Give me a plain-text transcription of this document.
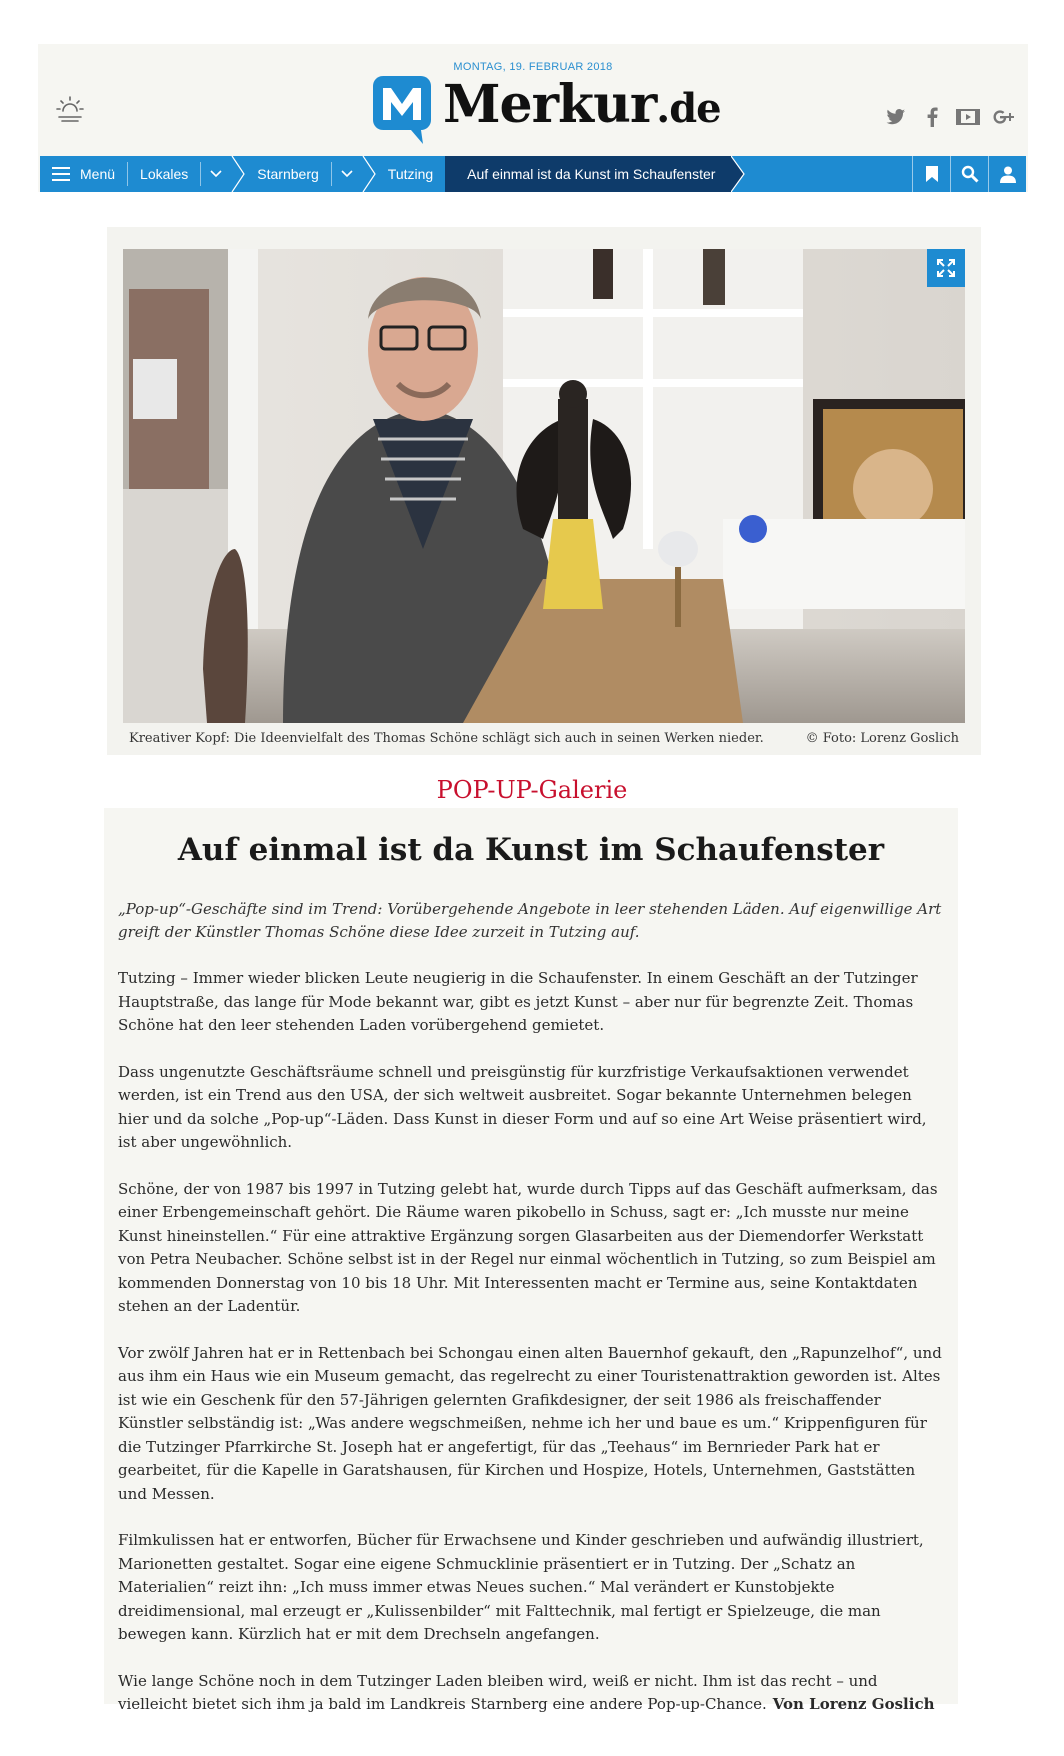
MONTAG, 19. FEBRUAR 2018
Merkur.de
Menü	Lokales	Starnberg	Tutzing	Auf einmal ist da Kunst im Schaufenster
Kreativer Kopf: Die Ideenvielfalt des Thomas Schöne schlägt sich auch in seinen Werken nieder.	© Foto: Lorenz Goslich
POP-UP-Galerie
Auf einmal ist da Kunst im Schaufenster

„Pop-up“-Geschäfte sind im Trend: Vorübergehende Angebote in leer stehenden Läden. Auf eigenwillige Art greift der Künstler Thomas Schöne diese Idee zurzeit in Tutzing auf.

Tutzing – Immer wieder blicken Leute neugierig in die Schaufenster. In einem Geschäft an der Tutzinger Hauptstraße, das lange für Mode bekannt war, gibt es jetzt Kunst – aber nur für begrenzte Zeit. Thomas Schöne hat den leer stehenden Laden vorübergehend gemietet.

Dass ungenutzte Geschäftsräume schnell und preisgünstig für kurzfristige Verkaufsaktionen verwendet werden, ist ein Trend aus den USA, der sich weltweit ausbreitet. Sogar bekannte Unternehmen belegen hier und da solche „Pop-up“-Läden. Dass Kunst in dieser Form und auf so eine Art Weise präsentiert wird, ist aber ungewöhnlich.

Schöne, der von 1987 bis 1997 in Tutzing gelebt hat, wurde durch Tipps auf das Geschäft aufmerksam, das einer Erbengemeinschaft gehört. Die Räume waren pikobello in Schuss, sagt er: „Ich musste nur meine Kunst hineinstellen.“ Für eine attraktive Ergänzung sorgen Glasarbeiten aus der Diemendorfer Werkstatt von Petra Neubacher. Schöne selbst ist in der Regel nur einmal wöchentlich in Tutzing, so zum Beispiel am kommenden Donnerstag von 10 bis 18 Uhr. Mit Interessenten macht er Termine aus, seine Kontaktdaten stehen an der Ladentür.

Vor zwölf Jahren hat er in Rettenbach bei Schongau einen alten Bauernhof gekauft, den „Rapunzelhof“, und aus ihm ein Haus wie ein Museum gemacht, das regelrecht zu einer Touristenattraktion geworden ist. Altes ist wie ein Geschenk für den 57-Jährigen gelernten Grafikdesigner, der seit 1986 als freischaffender Künstler selbständig ist: „Was andere wegschmeißen, nehme ich her und baue es um.“ Krippenfiguren für die Tutzinger Pfarrkirche St. Joseph hat er angefertigt, für das „Teehaus“ im Bernrieder Park hat er gearbeitet, für die Kapelle in Garatshausen, für Kirchen und Hospize, Hotels, Unternehmen, Gaststätten und Messen.

Filmkulissen hat er entworfen, Bücher für Erwachsene und Kinder geschrieben und aufwändig illustriert, Marionetten gestaltet. Sogar eine eigene Schmucklinie präsentiert er in Tutzing. Der „Schatz an Materialien“ reizt ihn: „Ich muss immer etwas Neues suchen.“ Mal verändert er Kunstobjekte dreidimensional, mal erzeugt er „Kulissenbilder“ mit Falttechnik, mal fertigt er Spielzeuge, die man bewegen kann. Kürzlich hat er mit dem Drechseln angefangen.

Wie lange Schöne noch in dem Tutzinger Laden bleiben wird, weiß er nicht. Ihm ist das recht – und vielleicht bietet sich ihm ja bald im Landkreis Starnberg eine andere Pop-up-Chance. Von Lorenz Goslich
